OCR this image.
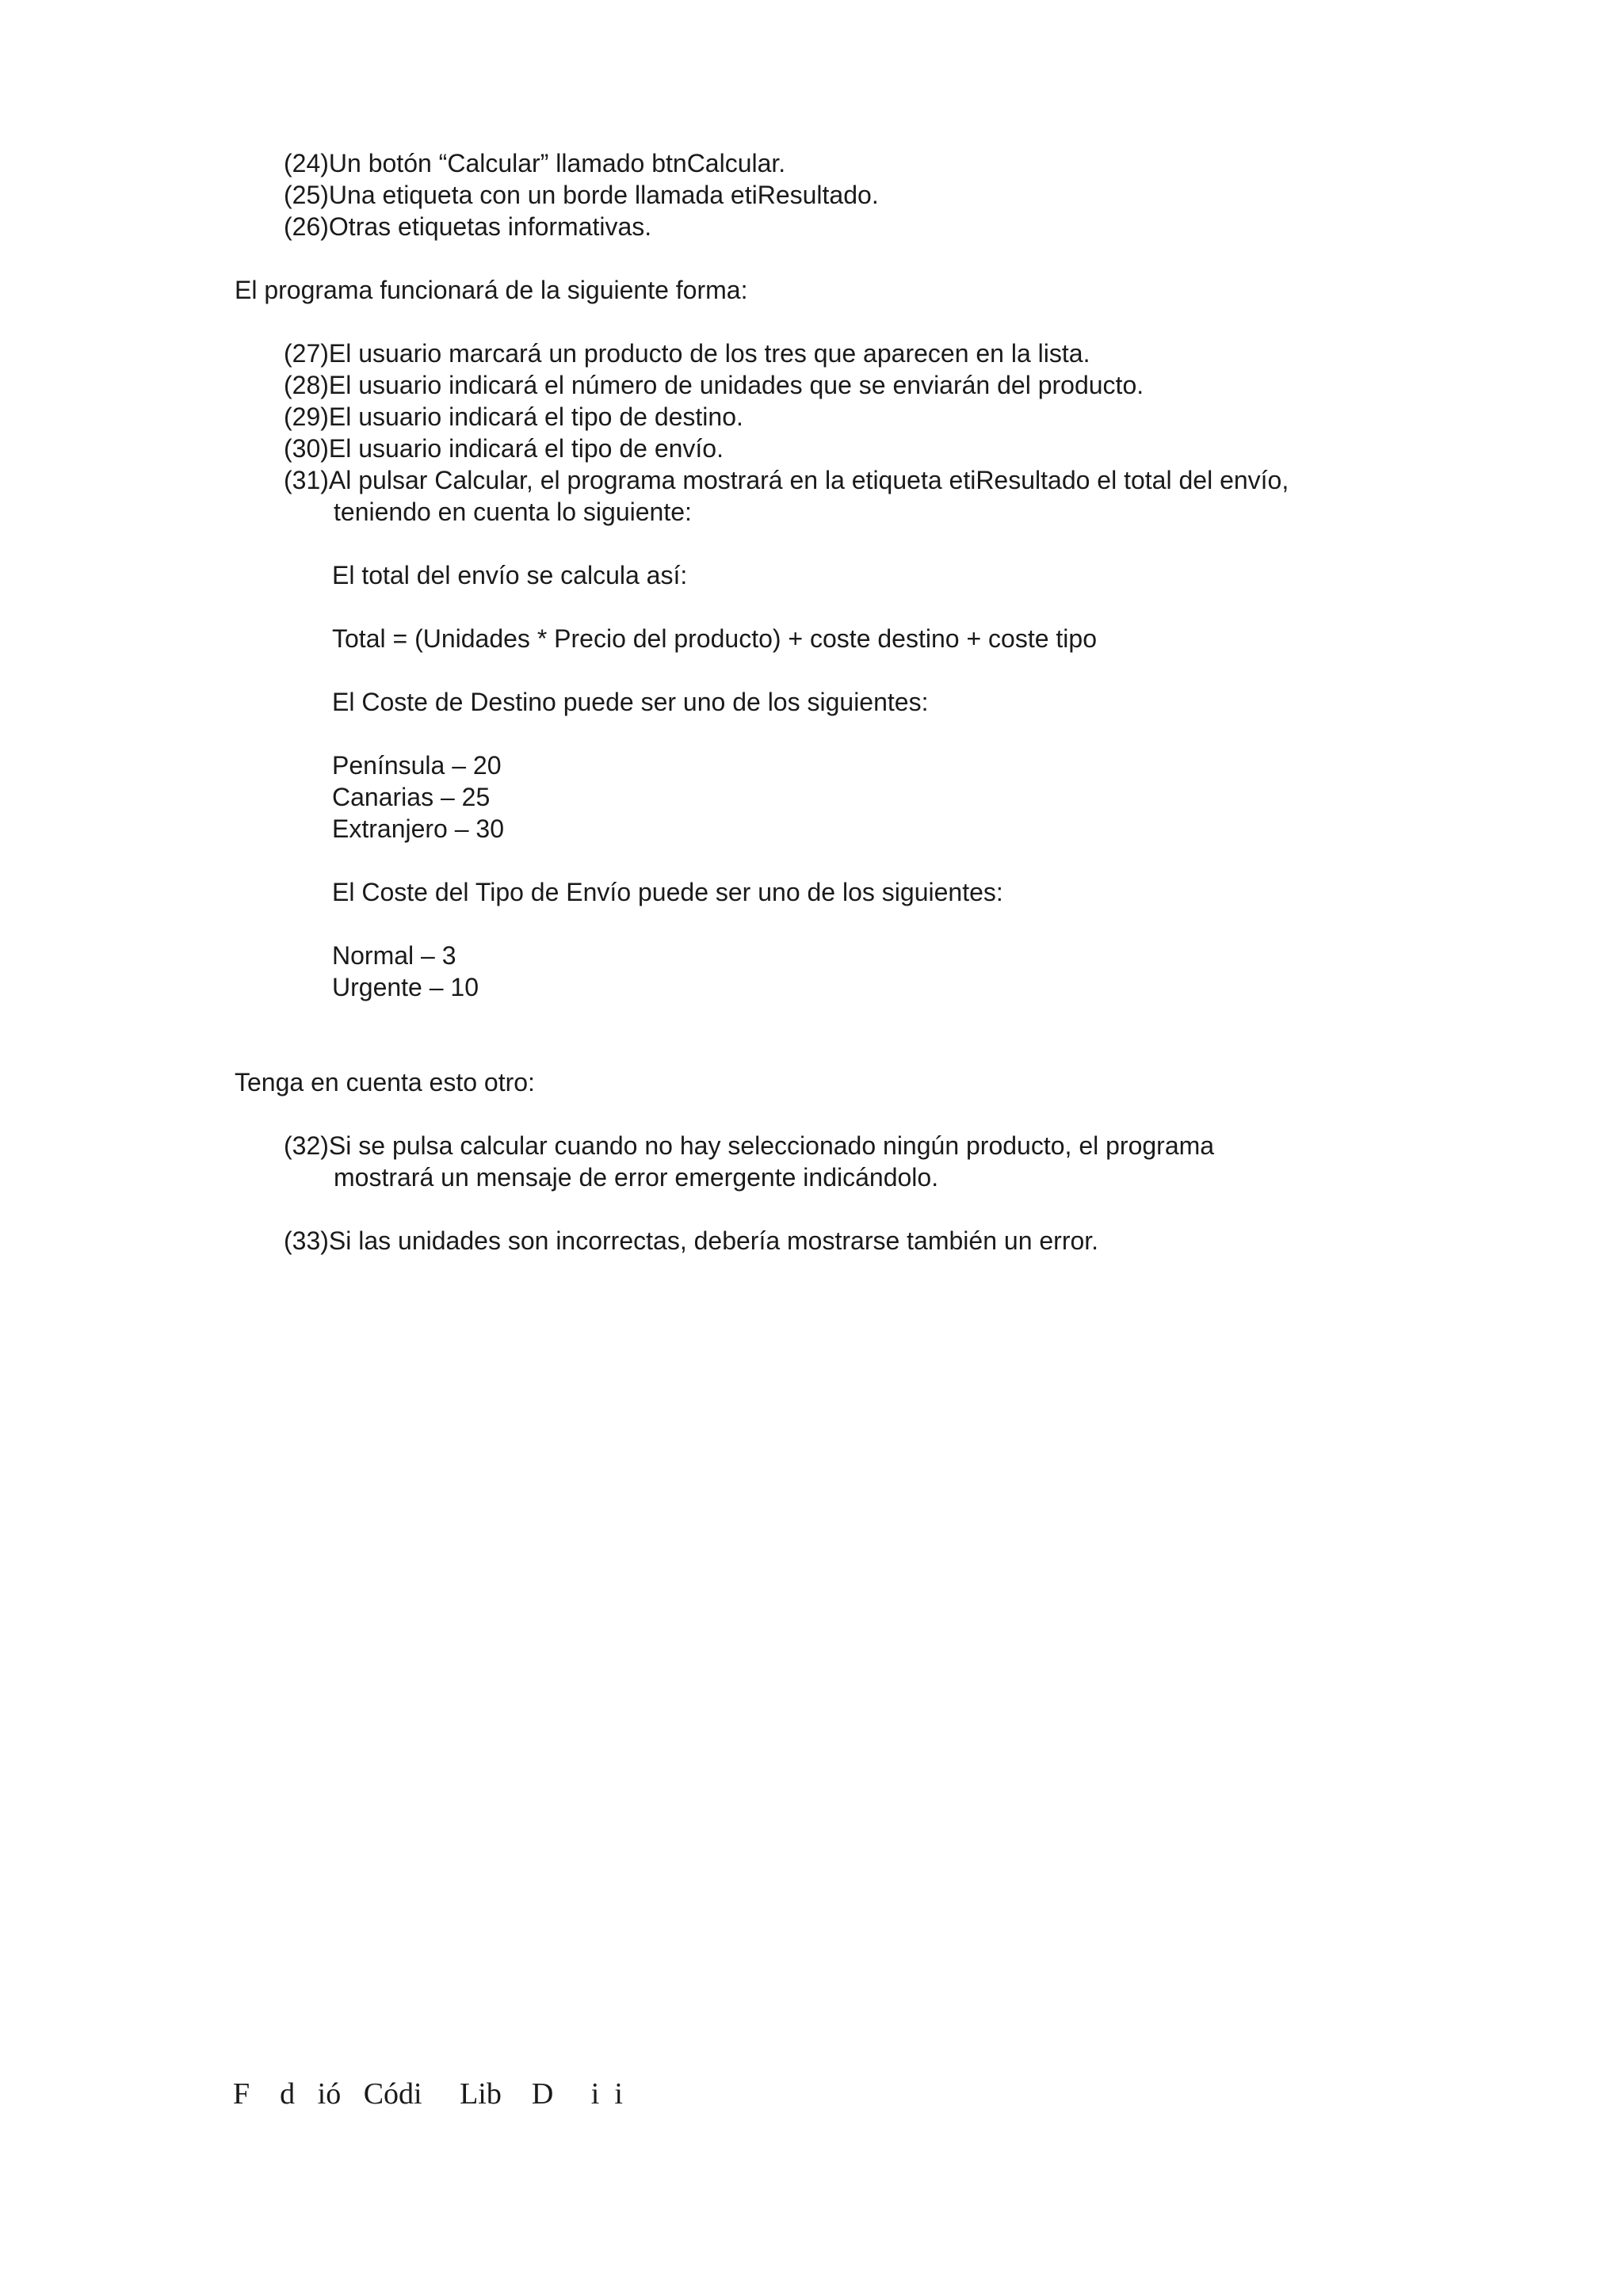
(24)Un botón “Calcular” llamado btnCalcular.
(25)Una etiqueta con un borde llamada etiResultado.
(26)Otras etiquetas informativas.
El programa funcionará de la siguiente forma:
(27)El usuario marcará un producto de los tres que aparecen en la lista.
(28)El usuario indicará el número de unidades que se enviarán del producto.
(29)El usuario indicará el tipo de destino.
(30)El usuario indicará el tipo de envío.
(31)Al pulsar Calcular, el programa mostrará en la etiqueta etiResultado el total del envío,
teniendo en cuenta lo siguiente:
El total del envío se calcula así:
Total = (Unidades * Precio del producto) + coste destino + coste tipo
El Coste de Destino puede ser uno de los siguientes:
Península – 20
Canarias – 25
Extranjero – 30
El Coste del Tipo de Envío puede ser uno de los siguientes:
Normal – 3
Urgente – 10
Tenga en cuenta esto otro:
(32)Si se pulsa calcular cuando no hay seleccionado ningún producto, el programa
mostrará un mensaje de error emergente indicándolo.
(33)Si las unidades son incorrectas, debería mostrarse también un error.
F    d   ió   Códi     Lib    D     i  i
